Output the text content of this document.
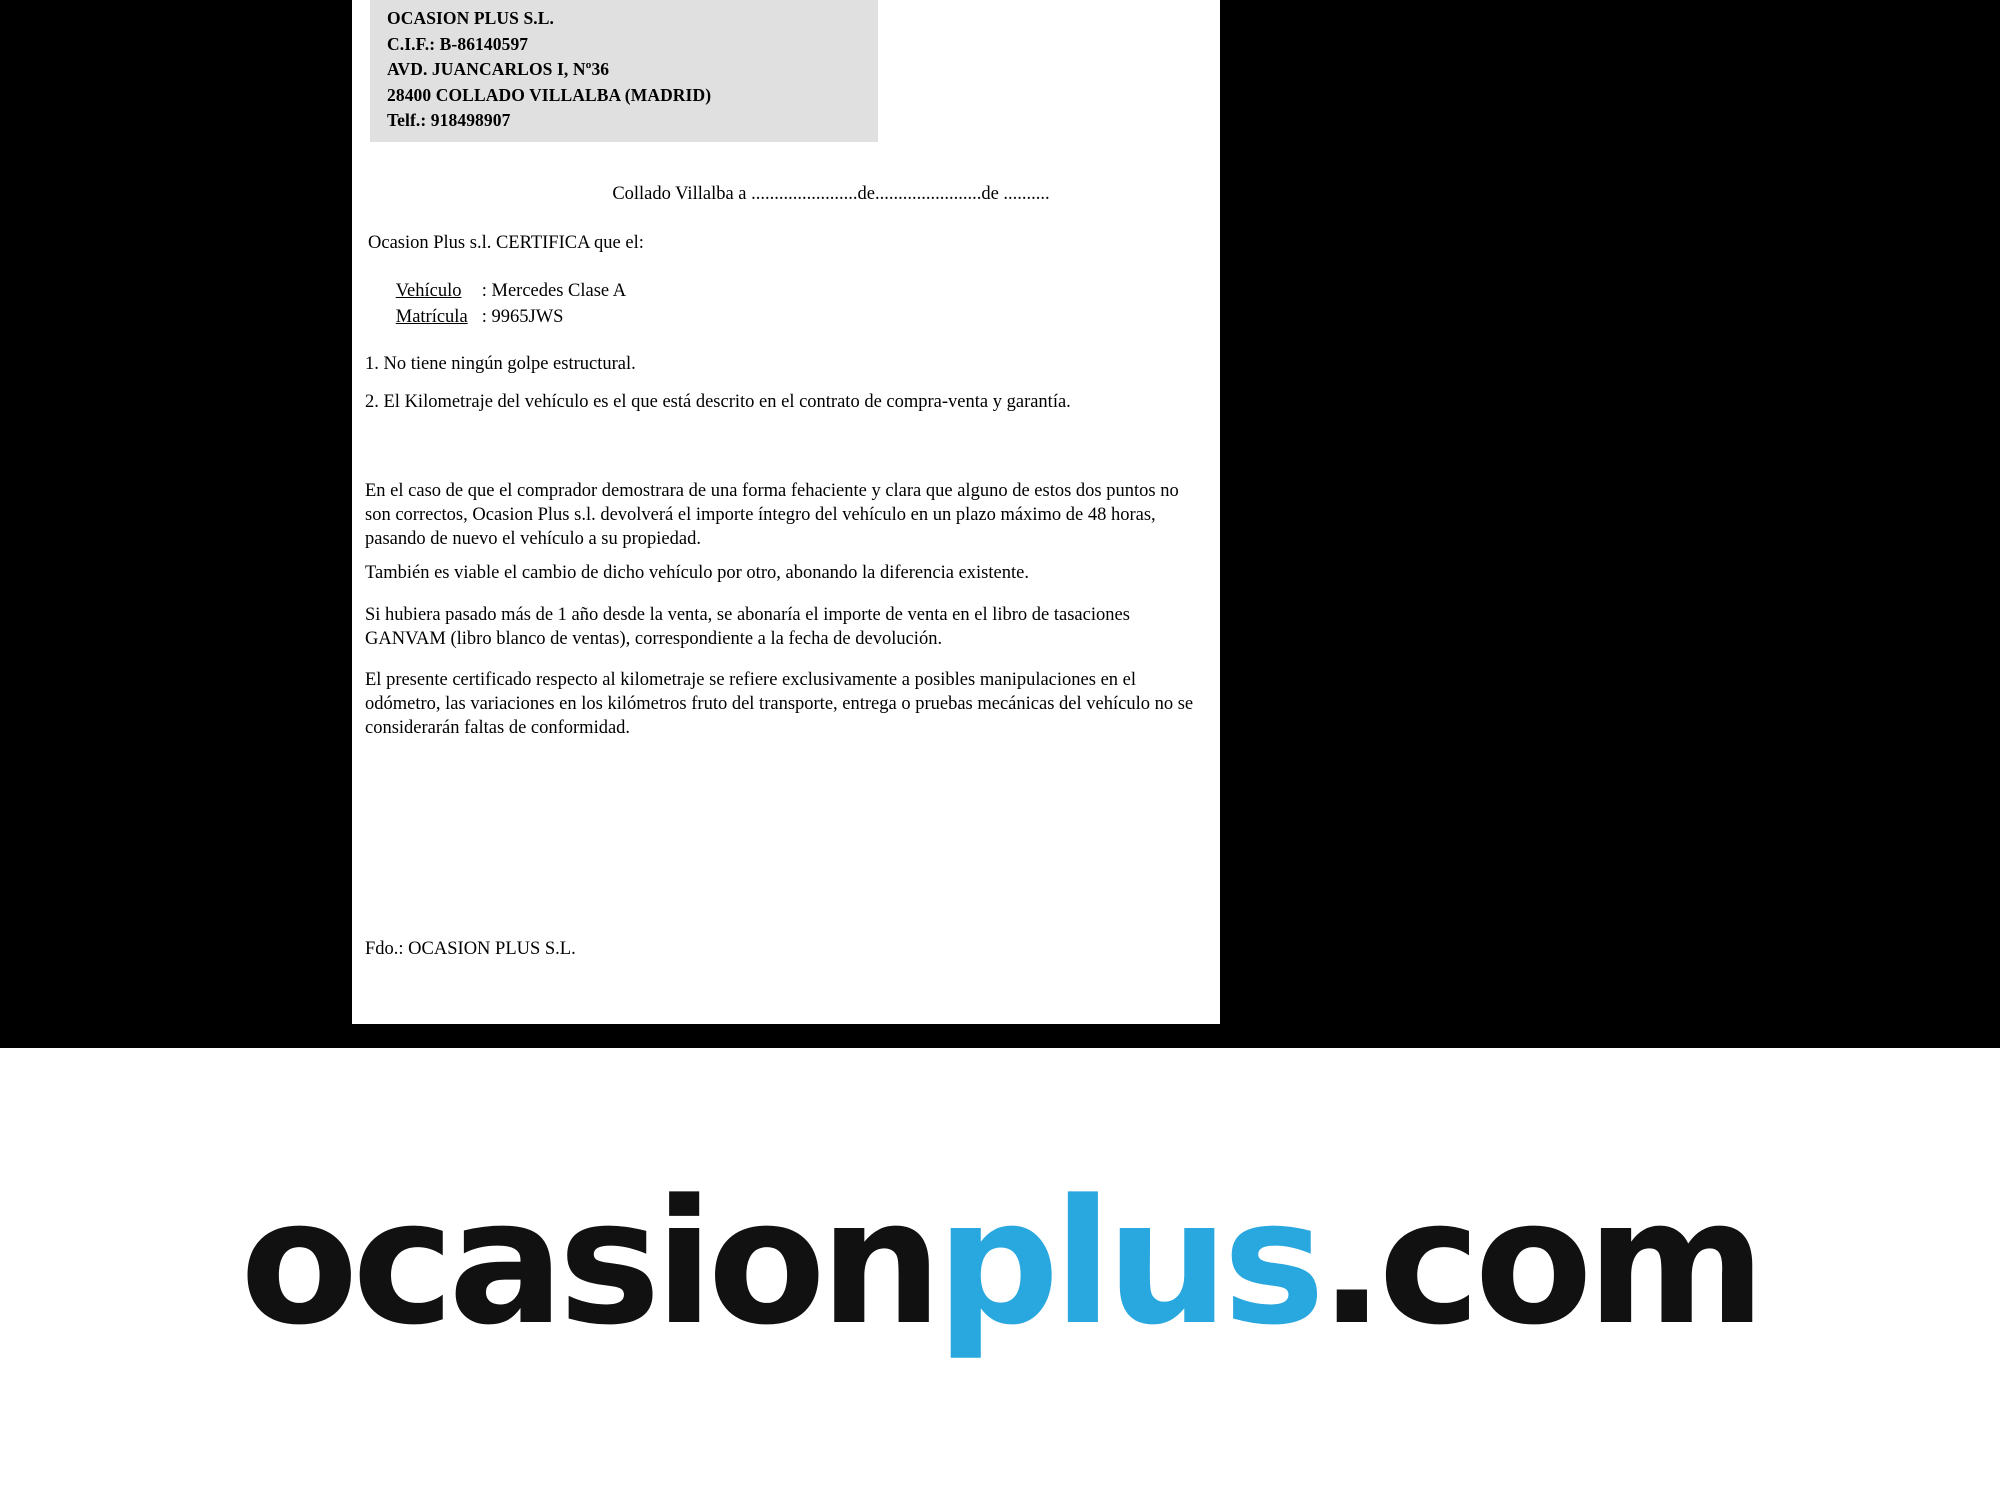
OCASION PLUS S.L.
C.I.F.: B-86140597
AVD. JUANCARLOS I, Nº36
28400 COLLADO VILLALBA (MADRID)
Telf.: 918498907
Collado Villalba a .......................de.......................de ..........
Ocasion Plus s.l. CERTIFICA que el:

Vehículo : Mercedes Clase A

Matrícula : 9965JWS

1. No tiene ningún golpe estructural.
2. El Kilometraje del vehículo es el que está descrito en el contrato de compra-venta y garantía.
En el caso de que el comprador demostrara de una forma fehaciente y clara que alguno de estos dos puntos no son correctos, Ocasion Plus s.l. devolverá el importe íntegro del vehículo en un plazo máximo de 48 horas, pasando de nuevo el vehículo a su propiedad.
También es viable el cambio de dicho vehículo por otro, abonando la diferencia existente.
Si hubiera pasado más de 1 año desde la venta, se abonaría el importe de venta en el libro de tasaciones GANVAM (libro blanco de ventas), correspondiente a la fecha de devolución.
El presente certificado respecto al kilometraje se refiere exclusivamente a posibles manipulaciones en el odómetro, las variaciones en los kilómetros fruto del transporte, entrega o pruebas mecánicas del vehículo no se considerarán faltas de conformidad.
Fdo.: OCASION PLUS S.L.
ocasion plus .com
